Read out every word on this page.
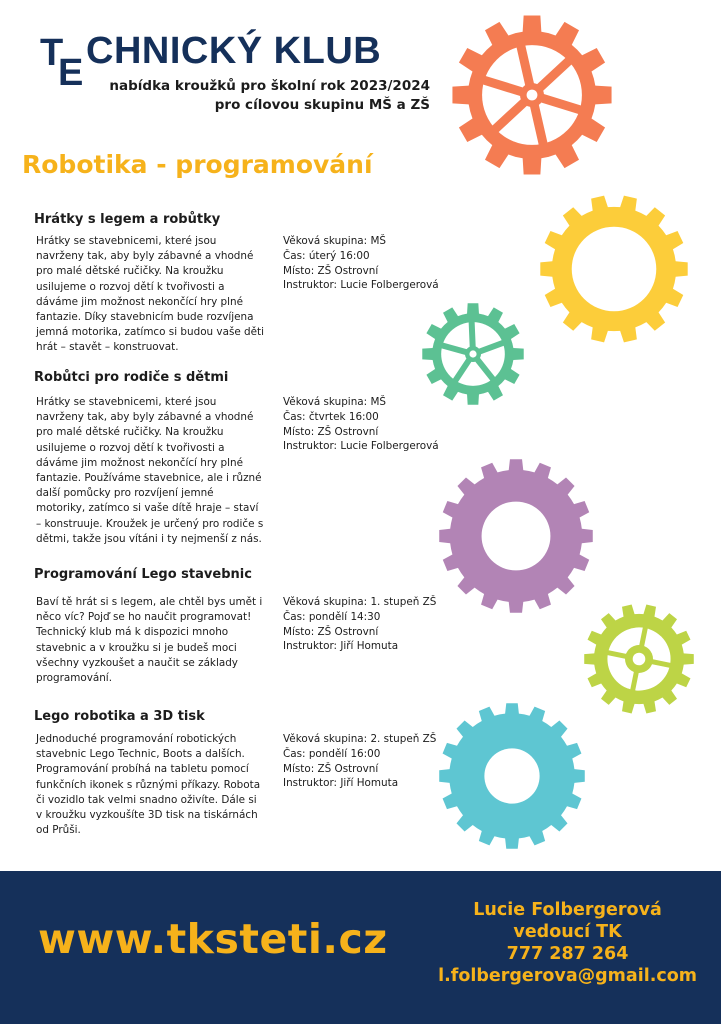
T
E
CHNICKÝ KLUB
nabídka kroužků pro školní rok 2023/2024
pro cílovou skupinu MŠ a ZŠ
Robotika - programování
Hrátky s legem a robůtky
Hrátky se stavebnicemi, které jsou navrženy tak, aby byly zábavné a vhodné pro malé dětské ručičky. Na kroužku usilujeme o rozvoj dětí k tvořivosti a dáváme jim možnost nekončící hry plné fantazie. Díky stavebnicím bude rozvíjena jemná motorika, zatímco si budou vaše děti hrát – stavět – konstruovat.
Věková skupina: MŠ
Čas: úterý 16:00
Místo: ZŠ Ostrovní
Instruktor: Lucie Folbergerová
Robůtci pro rodiče s dětmi
Hrátky se stavebnicemi, které jsou navrženy tak, aby byly zábavné a vhodné pro malé dětské ručičky. Na kroužku usilujeme o rozvoj dětí k tvořivosti a dáváme jim možnost nekončící hry plné fantazie. Používáme stavebnice, ale i různé další pomůcky pro rozvíjení jemné motoriky, zatímco si vaše dítě hraje – staví – konstruuje. Kroužek je určený pro rodiče s dětmi, takže jsou vítáni i ty nejmenší z nás.
Věková skupina: MŠ
Čas: čtvrtek 16:00
Místo: ZŠ Ostrovní
Instruktor: Lucie Folbergerová
Programování Lego stavebnic
Baví tě hrát si s legem, ale chtěl bys umět i něco víc? Pojď se ho naučit programovat! Technický klub má k dispozici mnoho stavebnic a v kroužku si je budeš moci všechny vyzkoušet a naučit se základy programování.
Věková skupina: 1. stupeň ZŠ
Čas: pondělí 14:30
Místo: ZŠ Ostrovní
Instruktor: Jiří Homuta
Lego robotika a 3D tisk
Jednoduché programování robotických stavebnic Lego Technic, Boots a dalších. Programování probíhá na tabletu pomocí funkčních ikonek s různými příkazy. Robota či vozidlo tak velmi snadno oživíte. Dále si v kroužku vyzkoušíte 3D tisk na tiskárnách od Průši.
Věková skupina: 2. stupeň ZŠ
Čas: pondělí 16:00
Místo: ZŠ Ostrovní
Instruktor: Jiří Homuta
www.tksteti.cz
Lucie Folbergerová
vedoucí TK
777 287 264
l.folbergerova@gmail.com
